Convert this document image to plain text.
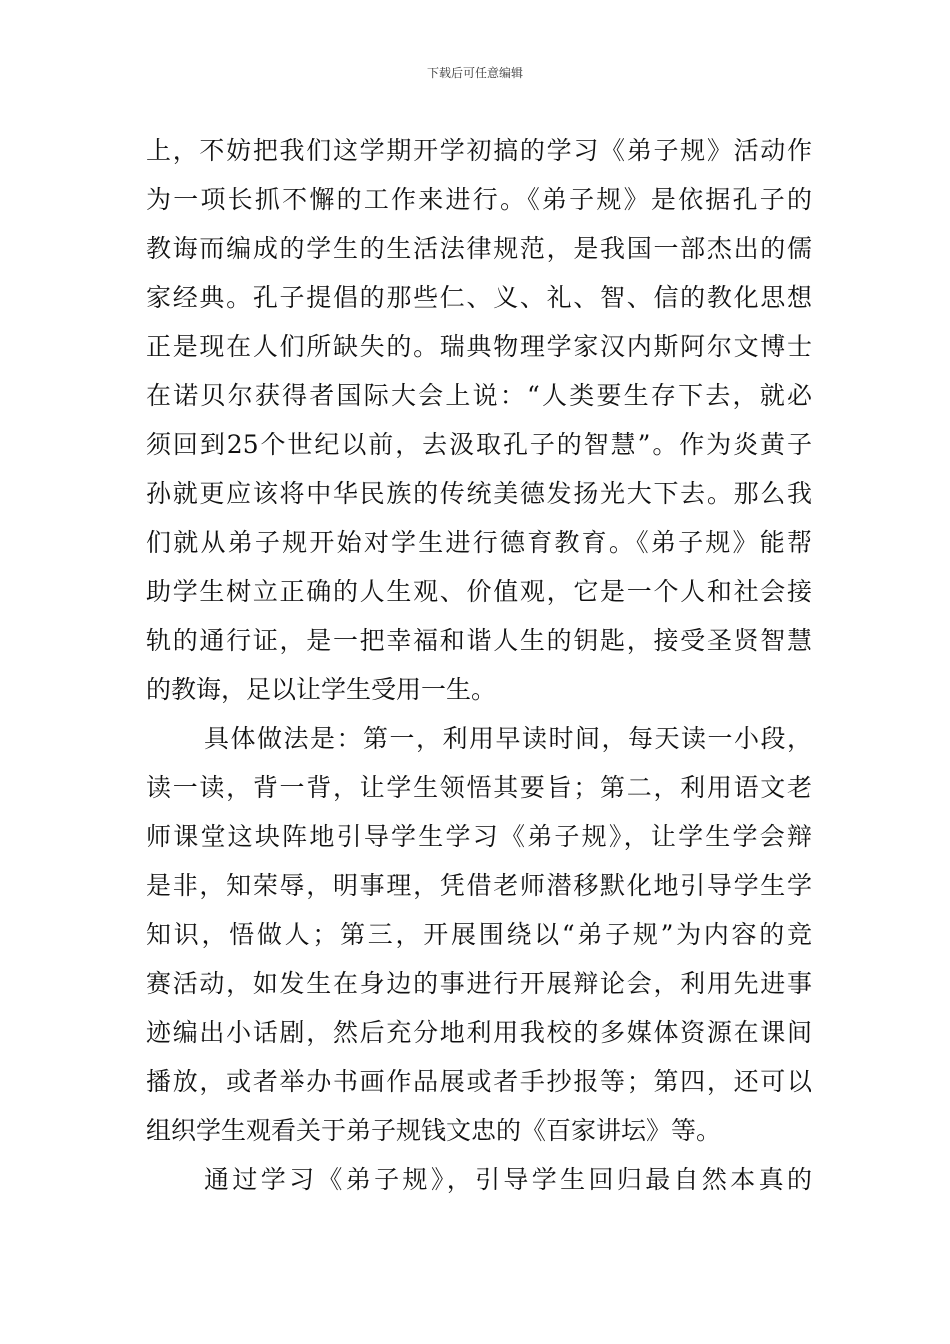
下载后可任意编辑
上，不妨把我们这学期开学初搞的学习《弟子规》活动作
为一项长抓不懈的工作来进行。《弟子规》是依据孔子的
教诲而编成的学生的生活法律规范，是我国一部杰出的儒
家经典。孔子提倡的那些仁、义、礼、智、信的教化思想
正是现在人们所缺失的。瑞典物理学家汉内斯阿尔文博士
在诺贝尔获得者国际大会上说：“人类要生存下去，就必
须回到25个世纪以前，去汲取孔子的智慧”。作为炎黄子
孙就更应该将中华民族的传统美德发扬光大下去。那么我
们就从弟子规开始对学生进行德育教育。《弟子规》能帮
助学生树立正确的人生观、价值观，它是一个人和社会接
轨的通行证，是一把幸福和谐人生的钥匙，接受圣贤智慧
的教诲，足以让学生受用一生。
具体做法是：第一，利用早读时间，每天读一小段，
读一读，背一背，让学生领悟其要旨；第二，利用语文老
师课堂这块阵地引导学生学习《弟子规》，让学生学会辩
是非，知荣辱，明事理，凭借老师潜移默化地引导学生学
知识，悟做人；第三，开展围绕以“弟子规”为内容的竞
赛活动，如发生在身边的事进行开展辩论会，利用先进事
迹编出小话剧，然后充分地利用我校的多媒体资源在课间
播放，或者举办书画作品展或者手抄报等；第四，还可以
组织学生观看关于弟子规钱文忠的《百家讲坛》等。
通过学习《弟子规》，引导学生回归最自然本真的
